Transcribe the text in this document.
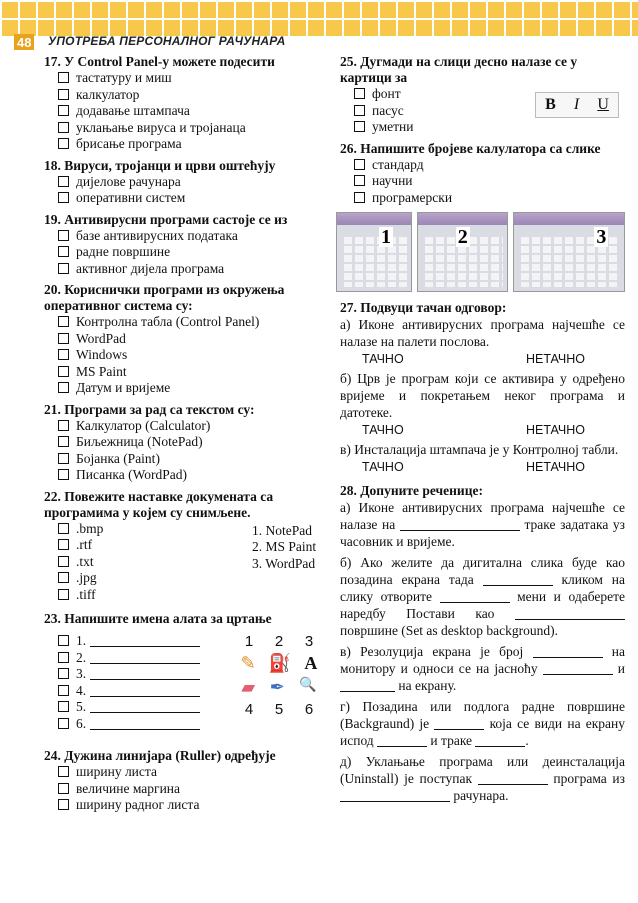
48 УПОТРЕБА ПЕРСОНАЛНОГ РАЧУНАРА
17. У Control Panel-у можете подесити
тастатуру и миш
калкулатор
додавање штампача
уклањање вируса и тројанаца
брисање програма
18. Вируси, тројанци и црви оштећују
дијелове рачунара
оперативни систем
19. Антивирусни програми састоје се из
базе антивирусних података
радне површине
активног дијела програма
20. Кориснички програми из окружења оперативног система су:
Контролна табла (Control Panel)
WordPad
Windows
MS Paint
Датум и вријеме
21. Програми за рад са текстом су:
Калкулатор (Calculator)
Биљежница (NotePad)
Бојанка (Paint)
Писанка (WordPad)
22. Повежите наставке докумената са програмима у којем су снимљене.
.bmp
.rtf
.txt
.jpg
.tiff
1. NotePad
2. MS Paint
3. WordPad
23. Напишите имена алата за цртање
1.
2.
3.
4.
5.
6.
1 2 3
✎ ⛽ A
▰ ✒ 🔍
4 5 6
24. Дужина линијара (Ruller) одређује
ширину листа
величине маргина
ширину радног листа
25. Дугмади на слици десно налазе се у картици за
фонт
пасус
уметни
B I U
26. Напишите бројеве калулатора са слике
стандард
научни
програмерски
1	2	3
27. Подвуци тачан одговор:
а) Иконе антивирусних програма најчешће се налазе на палети послова.
ТАЧНО	НЕТАЧНО
б) Црв је програм који се активира у одређено вријеме и покретањем неког програма и датотеке.
ТАЧНО	НЕТАЧНО
в) Инсталација штампача је у Контролној табли.
ТАЧНО	НЕТАЧНО
28. Допуните реченице:
а) Иконе антивирусних програма најчешће се налазе на	траке задатака уз часовник и вријеме.
б) Ако желите да дигитална слика буде као позадина екрана тада	кликом на слику отворите	мени и одаберете наредбу Постави као  површине (Set as desktop background).
в) Резолуција екрана је број	на монитору и односи се на јасноћу	и  на екрану.
г) Позадина или подлога радне површине (Backgraund) је	која се види на екрану испод	и траке	.
д) Уклањање програма или деинсталација (Uninstall) је поступак	програма из  рачунара.
